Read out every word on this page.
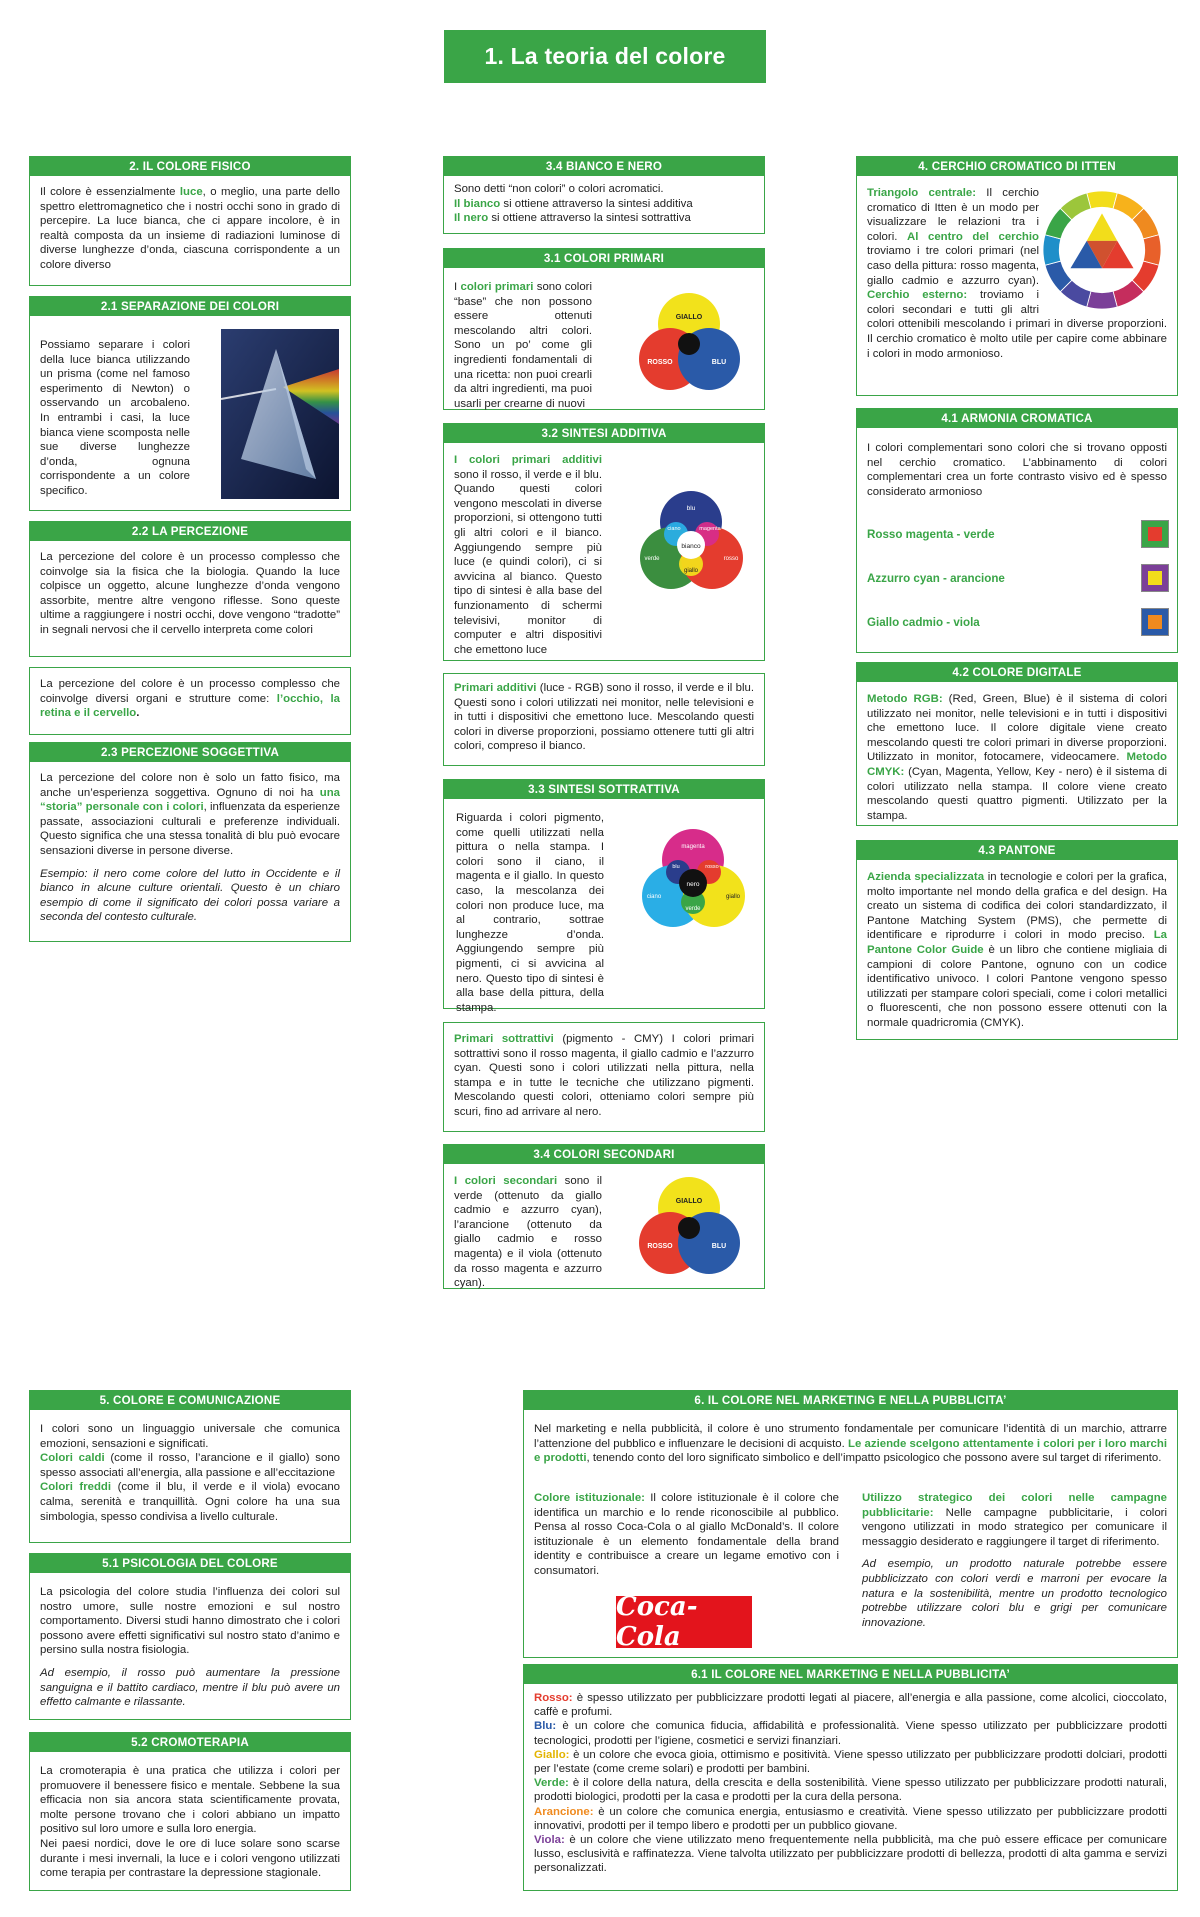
1. La teoria del colore
2. IL COLORE FISICO
Il colore è essenzialmente luce, o meglio, una parte dello spettro elettromagnetico che i nostri occhi sono in grado di percepire. La luce bianca, che ci appare incolore, è in realtà composta da un insieme di radiazioni luminose di diverse lunghezze d’onda, ciascuna corrispondente a un colore diverso
2.1 SEPARAZIONE DEI COLORI
Possiamo separare i colori della luce bianca utilizzando un prisma (come nel famoso esperimento di Newton) o osservando un arcobaleno. In entrambi i casi, la luce bianca viene scomposta nelle sue diverse lunghezze d’onda, ognuna corrispondente a un colore specifico.
2.2 LA PERCEZIONE
La percezione del colore è un processo complesso che coinvolge sia la fisica che la biologia. Quando la luce colpisce un oggetto, alcune lunghezze d’onda vengono assorbite, mentre altre vengono riflesse. Sono queste ultime a raggiungere i nostri occhi, dove vengono “tradotte” in segnali nervosi che il cervello interpreta come colori
La percezione del colore è un processo complesso che coinvolge diversi organi e strutture come: l’occhio, la retina e il cervello.
2.3 PERCEZIONE SOGGETTIVA

La percezione del colore non è solo un fatto fisico, ma anche un’esperienza soggettiva. Ognuno di noi ha una “storia” personale con i colori, influenzata da esperienze passate, associazioni culturali e preferenze individuali. Questo significa che una stessa tonalità di blu può evocare sensazioni diverse in persone diverse.

Esempio: il nero come colore del lutto in Occidente e il bianco in alcune culture orientali. Questo è un chiaro esempio di come il significato dei colori possa variare a seconda del contesto culturale.

3.4 BIANCO E NERO

Sono detti “non colori” o colori acromatici.

Il bianco si ottiene attraverso la sintesi additiva

Il nero si ottiene attraverso la sintesi sottrattiva

3.1 COLORI PRIMARI
I colori primari sono colori “base” che non possono essere ottenuti mescolando altri colori. Sono un po’ come gli ingredienti fondamentali di una ricetta: non puoi crearli da altri ingredienti, ma puoi usarli per crearne di nuovi
GIALLO
ROSSO	BLU
3.2 SINTESI ADDITIVA
I colori primari additivi sono il rosso, il verde e il blu. Quando questi colori vengono mescolati in diverse proporzioni, si ottengono tutti gli altri colori e il bianco. Aggiungendo sempre più luce (e quindi colori), ci si avvicina al bianco. Questo tipo di sintesi è alla base del funzionamento di schermi televisivi, monitor di computer e altri dispositivi che emettono luce
blu
ciano	magenta
bianco
verde	rosso
giallo
Primari additivi (luce - RGB) sono il rosso, il verde e il blu. Questi sono i colori utilizzati nei monitor, nelle televisioni e in tutti i dispositivi che emettono luce. Mescolando questi colori in diverse proporzioni, possiamo ottenere tutti gli altri colori, compreso il bianco.
3.3 SINTESI SOTTRATTIVA
Riguarda i colori pigmento, come quelli utilizzati nella pittura o nella stampa. I colori sono il ciano, il magenta e il giallo. In questo caso, la mescolanza dei colori non produce luce, ma al contrario, sottrae lunghezze d’onda. Aggiungendo sempre più pigmenti, ci si avvicina al nero. Questo tipo di sintesi è alla base della pittura, della stampa.
magenta
blu	rosso
nero
ciano	giallo
verde
Primari sottrattivi (pigmento - CMY) I colori primari sottrattivi sono il rosso magenta, il giallo cadmio e l’azzurro cyan. Questi sono i colori utilizzati nella pittura, nella stampa e in tutte le tecniche che utilizzano pigmenti. Mescolando questi colori, otteniamo colori sempre più scuri, fino ad arrivare al nero.
3.4 COLORI SECONDARI
I colori secondari sono il verde (ottenuto da giallo cadmio e azzurro cyan), l’arancione (ottenuto da giallo cadmio e rosso magenta) e il viola (ottenuto da rosso magenta e azzurro cyan).
GIALLO
ROSSO	BLU
4. CERCHIO CROMATICO DI ITTEN
Triangolo centrale: Il cerchio cromatico di Itten è un modo per visualizzare le relazioni tra i colori. Al centro del cerchio troviamo i tre colori primari (nel caso della pittura: rosso magenta, giallo cadmio e azzurro cyan). Cerchio esterno: troviamo i colori secondari e tutti gli altri colori ottenibili mescolando i primari in diverse proporzioni. Il cerchio cromatico è molto utile per capire come abbinare i colori in modo armonioso.
4.1 ARMONIA CROMATICA
I colori complementari sono colori che si trovano opposti nel cerchio cromatico. L’abbinamento di colori complementari crea un forte contrasto visivo ed è spesso considerato armonioso
Rosso magenta - verde
Azzurro cyan - arancione
Giallo cadmio - viola
4.2 COLORE DIGITALE
Metodo RGB: (Red, Green, Blue) è il sistema di colori utilizzato nei monitor, nelle televisioni e in tutti i dispositivi che emettono luce. Il colore digitale viene creato mescolando questi tre colori primari in diverse proporzioni. Utilizzato in monitor, fotocamere, videocamere. Metodo CMYK: (Cyan, Magenta, Yellow, Key - nero) è il sistema di colori utilizzato nella stampa. Il colore viene creato mescolando questi quattro pigmenti. Utilizzato per la stampa.
4.3 PANTONE
Azienda specializzata in tecnologie e colori per la grafica, molto importante nel mondo della grafica e del design. Ha creato un sistema di codifica dei colori standardizzato, il Pantone Matching System (PMS), che permette di identificare e riprodurre i colori in modo preciso. La Pantone Color Guide è un libro che contiene migliaia di campioni di colore Pantone, ognuno con un codice identificativo univoco. I colori Pantone vengono spesso utilizzati per stampare colori speciali, come i colori metallici o fluorescenti, che non possono essere ottenuti con la normale quadricromia (CMYK).
5. COLORE E COMUNICAZIONE

I colori sono un linguaggio universale che comunica emozioni, sensazioni e significati.

Colori caldi (come il rosso, l’arancione e il giallo) sono spesso associati all’energia, alla passione e all’eccitazione

Colori freddi (come il blu, il verde e il viola) evocano calma, serenità e tranquillità. Ogni colore ha una sua simbologia, spesso condivisa a livello culturale.

5.1 PSICOLOGIA DEL COLORE

La psicologia del colore studia l’influenza dei colori sul nostro umore, sulle nostre emozioni e sul nostro comportamento. Diversi studi hanno dimostrato che i colori possono avere effetti significativi sul nostro stato d’animo e persino sulla nostra fisiologia.

Ad esempio, il rosso può aumentare la pressione sanguigna e il battito cardiaco, mentre il blu può avere un effetto calmante e rilassante.

5.2 CROMOTERAPIA

La cromoterapia è una pratica che utilizza i colori per promuovere il benessere fisico e mentale. Sebbene la sua efficacia non sia ancora stata scientificamente provata, molte persone trovano che i colori abbiano un impatto positivo sul loro umore e sulla loro energia.

Nei paesi nordici, dove le ore di luce solare sono scarse durante i mesi invernali, la luce e i colori vengono utilizzati come terapia per contrastare la depressione stagionale.

6. IL COLORE NEL MARKETING E NELLA PUBBLICITA’
Nel marketing e nella pubblicità, il colore è uno strumento fondamentale per comunicare l’identità di un marchio, attrarre l’attenzione del pubblico e influenzare le decisioni di acquisto. Le aziende scelgono attentamente i colori per i loro marchi e prodotti, tenendo conto del loro significato simbolico e dell’impatto psicologico che possono avere sul target di riferimento.
Colore istituzionale: Il colore istituzionale è il colore che identifica un marchio e lo rende riconoscibile al pubblico. Pensa al rosso Coca-Cola o al giallo McDonald’s. Il colore istituzionale è un elemento fondamentale della brand identity e contribuisce a creare un legame emotivo con i consumatori.

Utilizzo strategico dei colori nelle campagne pubblicitarie: Nelle campagne pubblicitarie, i colori vengono utilizzati in modo strategico per comunicare il messaggio desiderato e raggiungere il target di riferimento.

Ad esempio, un prodotto naturale potrebbe essere pubblicizzato con colori verdi e marroni per evocare la natura e la sostenibilità, mentre un prodotto tecnologico potrebbe utilizzare colori blu e grigi per comunicare innovazione.

Coca-Cola
6.1 IL COLORE NEL MARKETING E NELLA PUBBLICITA’

Rosso: è spesso utilizzato per pubblicizzare prodotti legati al piacere, all’energia e alla passione, come alcolici, cioccolato, caffè e profumi.

Blu: è un colore che comunica fiducia, affidabilità e professionalità. Viene spesso utilizzato per pubblicizzare prodotti tecnologici, prodotti per l’igiene, cosmetici e servizi finanziari.

Giallo: è un colore che evoca gioia, ottimismo e positività. Viene spesso utilizzato per pubblicizzare prodotti dolciari, prodotti per l’estate (come creme solari) e prodotti per bambini.

Verde: è il colore della natura, della crescita e della sostenibilità. Viene spesso utilizzato per pubblicizzare prodotti naturali, prodotti biologici, prodotti per la casa e prodotti per la cura della persona.

Arancione: è un colore che comunica energia, entusiasmo e creatività. Viene spesso utilizzato per pubblicizzare prodotti innovativi, prodotti per il tempo libero e prodotti per un pubblico giovane.

Viola: è un colore che viene utilizzato meno frequentemente nella pubblicità, ma che può essere efficace per comunicare lusso, esclusività e raffinatezza. Viene talvolta utilizzato per pubblicizzare prodotti di bellezza, prodotti di alta gamma e servizi personalizzati.
